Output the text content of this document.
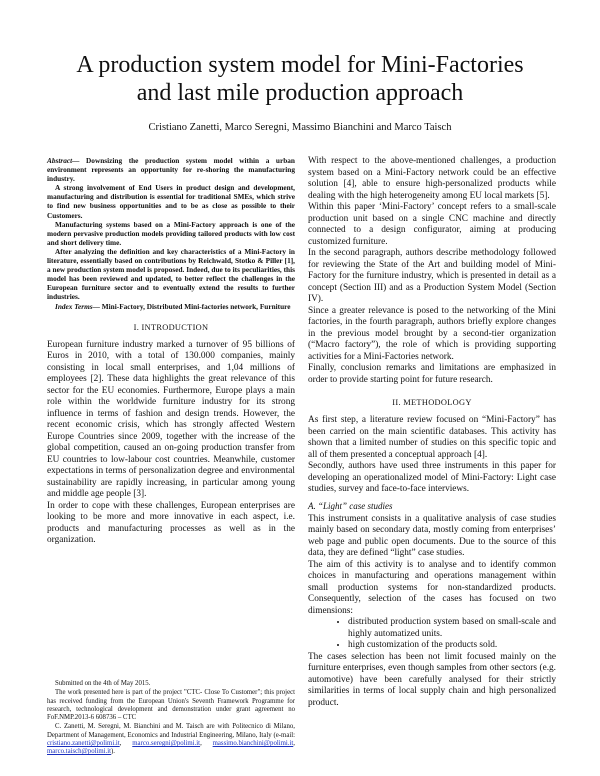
A production system model for Mini-Factories
and last mile production approach
Cristiano Zanetti, Marco Seregni, Massimo Bianchini and Marco Taisch

Abstract— Downsizing the production system model within a urban environment represents an opportunity for re-shoring the manufacturing industry.

A strong involvement of End Users in product design and development, manufacturing and distribution is essential for traditional SMEs, which strive to find new business opportunities and to be as close as possible to their Customers.

Manufacturing systems based on a Mini-Factory approach is one of the modern pervasive production models providing tailored products with low cost and short delivery time.

After analyzing the definition and key characteristics of a Mini-Factory in literature, essentially based on contributions by Reichwald, Stotko & Piller [1], a new production system model is proposed. Indeed, due to its peculiarities, this model has been reviewed and updated, to better reflect the challenges in the European furniture sector and to eventually extend the results to further industries.

Index Terms— Mini-Factory, Distributed Mini-factories network, Furniture

I. INTRODUCTION

European furniture industry marked a turnover of 95 billions of Euros in 2010, with a total of 130.000 companies, mainly consisting in local small enterprises, and 1,04 millions of employees [2]. These data highlights the great relevance of this sector for the EU economies. Furthermore, Europe plays a main role within the worldwide furniture industry for its strong influence in terms of fashion and design trends. However, the recent economic crisis, which has strongly affected Western Europe Countries since 2009, together with the increase of the global competition, caused an on-going production transfer from EU countries to low-labour cost countries. Meanwhile, customer expectations in terms of personalization degree and environmental sustainability are rapidly increasing, in particular among young and middle age people [3].

In order to cope with these challenges, European enterprises are looking to be more and more innovative in each aspect, i.e. products and manufacturing processes as well as in the organization.

Submitted on the 4th of May 2015.

The work presented here is part of the project "CTC- Close To Customer"; this project has received funding from the European Union's Seventh Framework Programme for research, technological development and demonstration under grant agreement no FoF.NMP.2013-6 608736 – CTC

C. Zanetti, M. Seregni, M. Bianchini and M. Taisch are with Politecnico di Milano, Department of Management, Economics and Industrial Engineering, Milano, Italy (e-mail: cristiano.zanetti@polimi.it, marco.seregni@polimi.it, massimo.bianchini@polimi.it, marco.taisch@polimi.it).

With respect to the above-mentioned challenges, a production system based on a Mini-Factory network could be an effective solution [4], able to ensure high-personalized products while dealing with the high heterogeneity among EU local markets [5].

Within this paper ‘Mini-Factory’ concept refers to a small-scale production unit based on a single CNC machine and directly connected to a design configurator, aiming at producing customized furniture.

In the second paragraph, authors describe methodology followed for reviewing the State of the Art and building model of Mini-Factory for the furniture industry, which is presented in detail as a concept (Section III) and as a Production System Model (Section IV).

Since a greater relevance is posed to the networking of the Mini factories, in the fourth paragraph, authors briefly explore changes in the previous model brought by a second-tier organization (“Macro factory”), the role of which is providing supporting activities for a Mini-Factories network.

Finally, conclusion remarks and limitations are emphasized in order to provide starting point for future research.

II. METHODOLOGY

As first step, a literature review focused on “Mini-Factory” has been carried on the main scientific databases. This activity has shown that a limited number of studies on this specific topic and all of them presented a conceptual approach [4].

Secondly, authors have used three instruments in this paper for developing an operationalized model of Mini-Factory: Light case studies, survey and face-to-face interviews.

A. “Light” case studies

This instrument consists in a qualitative analysis of case studies mainly based on secondary data, mostly coming from enterprises’ web page and public open documents. Due to the source of this data, they are defined “light” case studies.

The aim of this activity is to analyse and to identify common choices in manufacturing and operations management within small production systems for non-standardized products. Consequently, selection of the cases has focused on two dimensions:

• distributed production system based on small-scale and highly automatized units.
• high customization of the products sold.

The cases selection has been not limit focused mainly on the furniture enterprises, even though samples from other sectors (e.g. automotive) have been carefully analysed for their strictly similarities in terms of local supply chain and high personalized product.
